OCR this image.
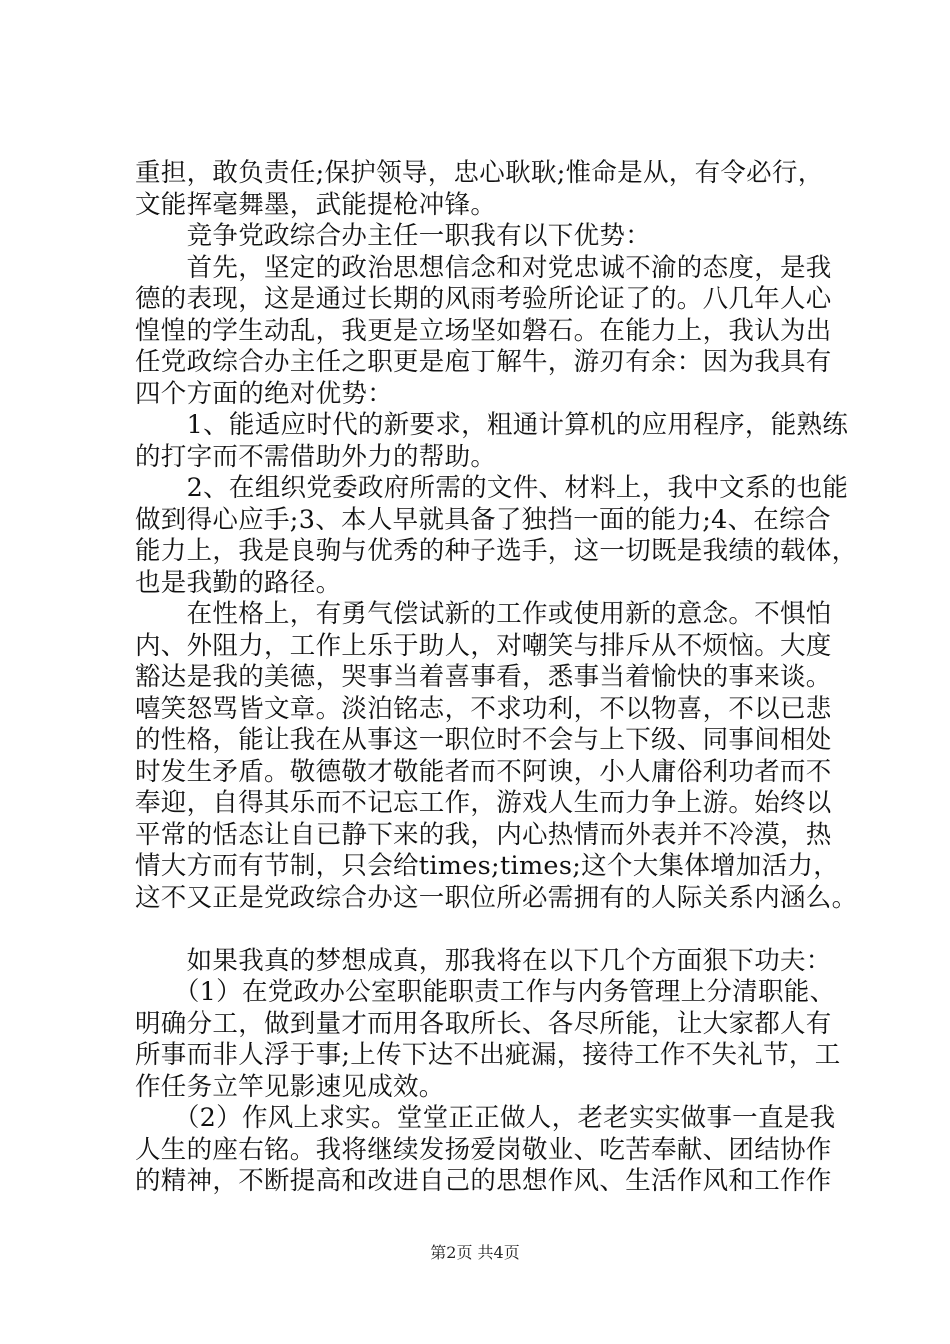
重担，敢负责任;保护领导，忠心耿耿;惟命是从，有令必行，
文能挥毫舞墨，武能提枪冲锋。
　　竞争党政综合办主任一职我有以下优势：
　　首先，坚定的政治思想信念和对党忠诚不渝的态度，是我
德的表现，这是通过长期的风雨考验所论证了的。八几年人心
惶惶的学生动乱，我更是立场坚如磐石。在能力上，我认为出
任党政综合办主任之职更是庖丁解牛，游刃有余：因为我具有
四个方面的绝对优势：
　　1、能适应时代的新要求，粗通计算机的应用程序，能熟练
的打字而不需借助外力的帮助。
　　2、在组织党委政府所需的文件、材料上，我中文系的也能
做到得心应手;3、本人早就具备了独挡一面的能力;4、在综合
能力上，我是良驹与优秀的种子选手，这一切既是我绩的载体，
也是我勤的路径。
　　在性格上，有勇气偿试新的工作或使用新的意念。不惧怕
内、外阻力，工作上乐于助人，对嘲笑与排斥从不烦恼。大度
豁达是我的美德，哭事当着喜事看，悉事当着愉快的事来谈。
嘻笑怒骂皆文章。淡泊铭志，不求功利，不以物喜，不以已悲
的性格，能让我在从事这一职位时不会与上下级、同事间相处
时发生矛盾。敬德敬才敬能者而不阿谀，小人庸俗利功者而不
奉迎，自得其乐而不记忘工作，游戏人生而力争上游。始终以
平常的恬态让自已静下来的我，内心热情而外表并不冷漠，热
情大方而有节制，只会给times;times;这个大集体增加活力，
这不又正是党政综合办这一职位所必需拥有的人际关系内涵么。
　　如果我真的梦想成真，那我将在以下几个方面狠下功夫：
　　（1）在党政办公室职能职责工作与内务管理上分清职能、
明确分工，做到量才而用各取所长、各尽所能，让大家都人有
所事而非人浮于事;上传下达不出疵漏，接待工作不失礼节，工
作任务立竿见影速见成效。
　　（2）作风上求实。堂堂正正做人，老老实实做事一直是我
人生的座右铭。我将继续发扬爱岗敬业、吃苦奉献、团结协作
的精神，不断提高和改进自己的思想作风、生活作风和工作作
第2页 共4页
